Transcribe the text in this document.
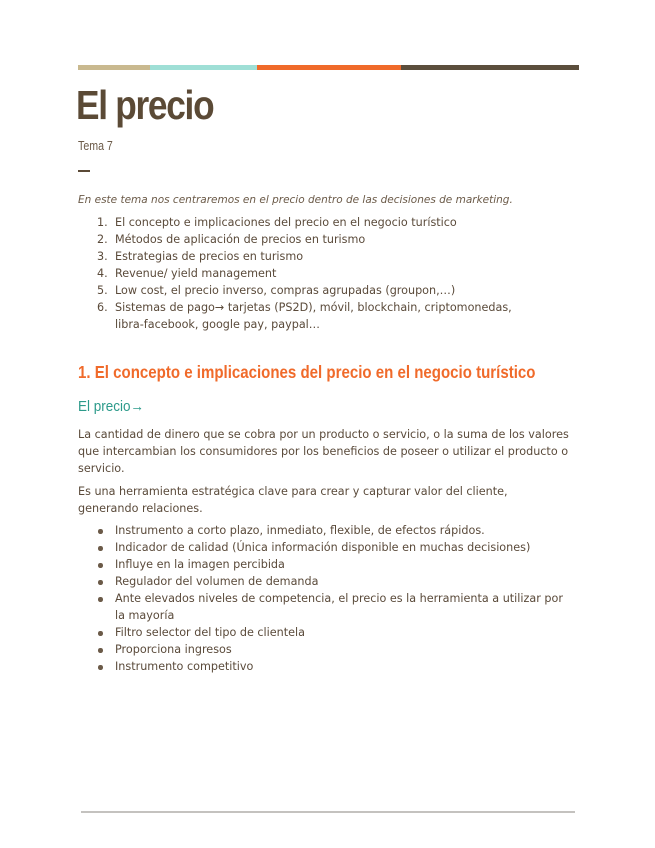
El precio
Tema 7
En este tema nos centraremos en el precio dentro de las decisiones de marketing.
1. El concepto e implicaciones del precio en el negocio turístico
2. Métodos de aplicación de precios en turismo
3. Estrategias de precios en turismo
4. Revenue/ yield management
5. Low cost, el precio inverso, compras agrupadas (groupon,…)
6. Sistemas de pago→ tarjetas (PS2D), móvil, blockchain, criptomonedas, libra-facebook, google pay, paypal…
1. El concepto e implicaciones del precio en el negocio turístico
El precio→
La cantidad de dinero que se cobra por un producto o servicio, o la suma de los valores que intercambian los consumidores por los beneficios de poseer o utilizar el producto o servicio.
Es una herramienta estratégica clave para crear y capturar valor del cliente, generando relaciones.
Instrumento a corto plazo, inmediato, flexible, de efectos rápidos.
Indicador de calidad (Única información disponible en muchas decisiones)
Influye en la imagen percibida
Regulador del volumen de demanda
Ante elevados niveles de competencia, el precio es la herramienta a utilizar por la mayoría
Filtro selector del tipo de clientela
Proporciona ingresos
Instrumento competitivo
